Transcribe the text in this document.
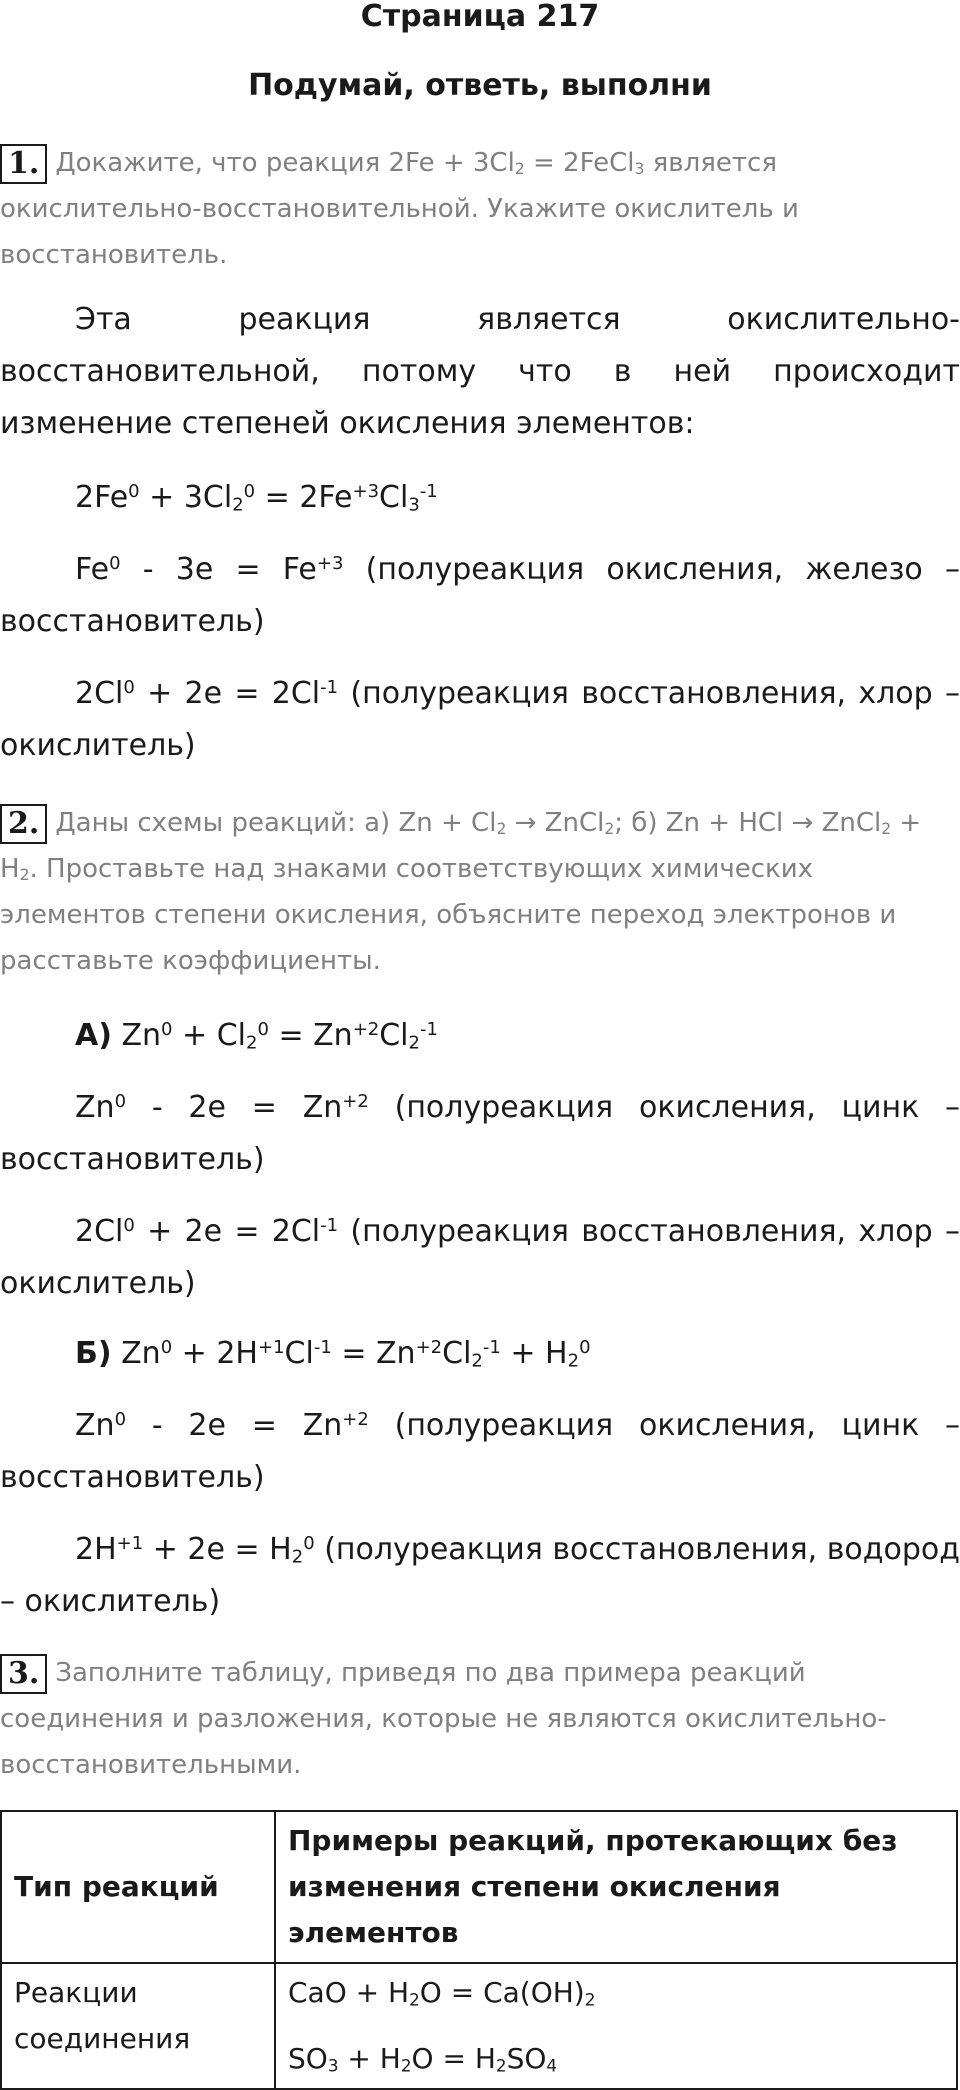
Страница 217
Подумай, ответь, выполни
1. Докажите, что реакция $2Fe + 3Cl_2$ = 2FeCl$_3$ является окислительно-восстановительной. Укажите окислитель и восстановитель.
Эта реакция является окислительно-восстановительной, потому что в ней происходит изменение степеней окисления элементов:
$2Fe^0 + 3Cl_2^0 = 2Fe^{+3}Cl_3^{-1}$
$Fe^0 - 3e = Fe^{+3}$ (полуреакция окисления, железо – восстановитель)
$2Cl^0 + 2e = 2Cl^{-1}$ (полуреакция восстановления, хлор – окислитель)
2. Даны схемы реакций: а) $Zn + Cl_2$ → ZnCl$_2$; б) Zn + HCl → ZnCl$_2$ + $H_2$. Проставьте над знаками соответствующих химических элементов степени окисления, объясните переход электронов и расставьте коэффициенты.
А) $Zn^0 + Cl_2^0 = Zn^{+2}Cl_2^{-1}$
$Zn^0 - 2e = Zn^{+2}$ (полуреакция окисления, цинк – восстановитель)
$2Cl^0 + 2e = 2Cl^{-1}$ (полуреакция восстановления, хлор – окислитель)
Б) $Zn^0 + 2H^{+1}Cl^{-1} = Zn^{+2}Cl_2^{-1} + H_2^0$
$Zn^0 - 2e = Zn^{+2}$ (полуреакция окисления, цинк – восстановитель)
$2H^{+1} + 2e = H_2^0$ (полуреакция восстановления, водород – окислитель)
3. Заполните таблицу, приведя по два примера реакций соединения и разложения, которые не являются окислительно-восстановительными.
Тип реакций	Примеры реакций, протекающих без изменения степени окисления элементов
Реакции соединения	CaO + $H_2O = Ca(OH)_2$
$SO_3 + H_2O = H_2SO_4$
